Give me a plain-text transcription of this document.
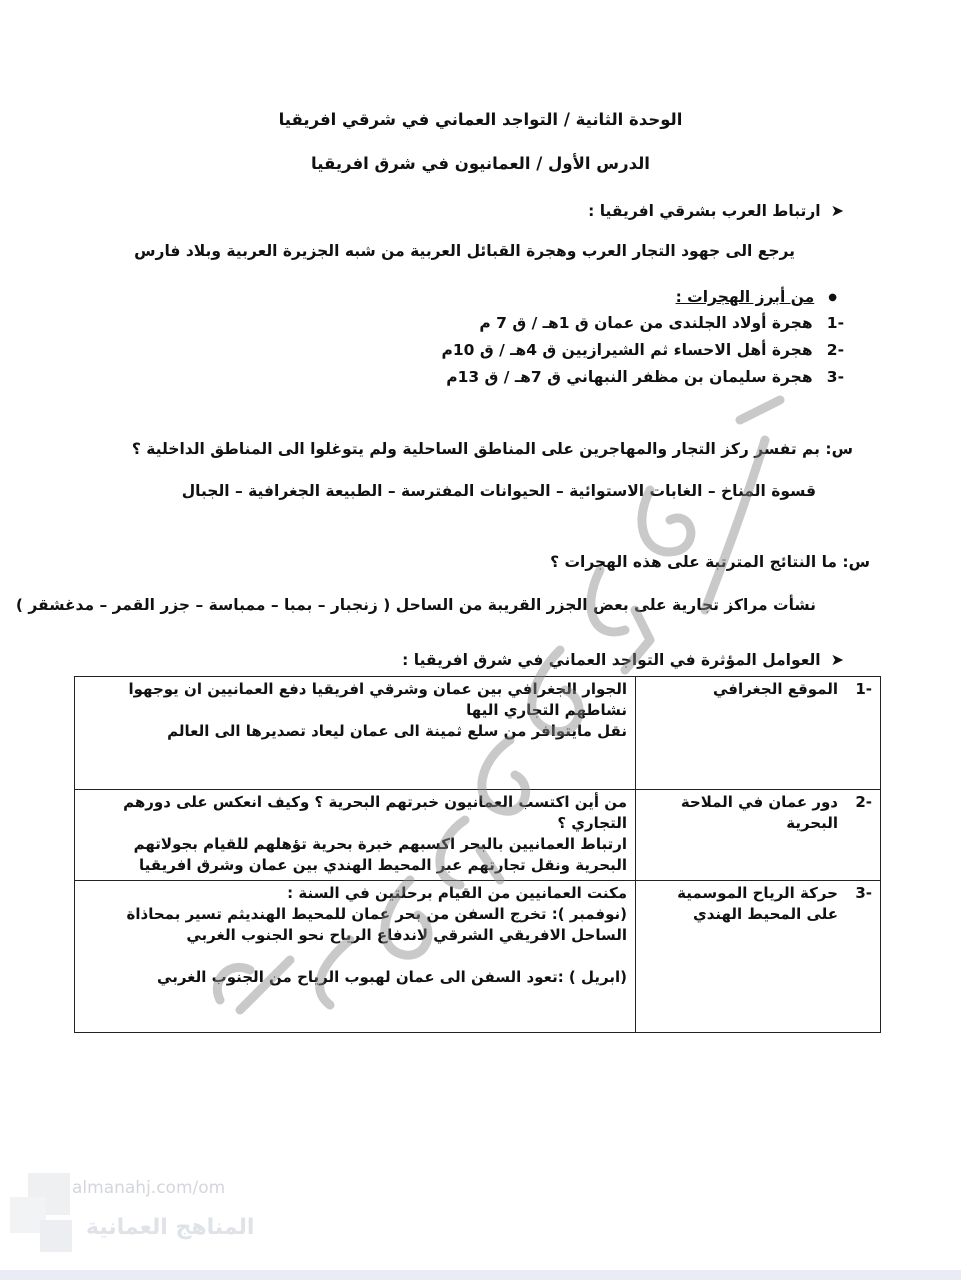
الوحدة الثانية / التواجد العماني في شرقي افريقيا
الدرس الأول / العمانيون في شرق افريقيا
➤ارتباط العرب بشرقي افريقيا :
يرجع الى جهود التجار العرب وهجرة القبائل العربية من شبه الجزيرة العربية وبلاد فارس
●من أبرز الهجرات :
-1 هجرة أولاد الجلندى من عمان ق 1هـ / ق 7 م
-2 هجرة أهل الاحساء ثم الشيرازيين ق 4هـ / ق 10م
-3 هجرة سليمان بن مظفر النبهاني ق 7هـ / ق 13م
س: بم تفسر ركز التجار والمهاجرين على المناطق الساحلية ولم يتوغلوا الى المناطق الداخلية ؟
قسوة المناخ – الغابات الاستوائية – الحيوانات المفترسة – الطبيعة الجغرافية – الجبال
س: ما النتائج المترتبة على هذه الهجرات ؟
نشأت مراكز تجارية على بعض الجزر القريبة من الساحل ( زنجبار – بمبا – ممباسة – جزر القمر – مدغشقر )
➤العوامل المؤثرة في التواجد العماني في شرق افريقيا :
-1الموقع الجغرافي	الجوار الجغرافي بين عمان وشرقي افريقيا دفع العمانيين ان يوجهوا نشاطهم التجاري اليها
نقل مايتوافر من سلع ثمينة الى عمان ليعاد تصديرها الى العالم

-2دور عمان في الملاحة البحرية	من أين اكتسب العمانيون خبرتهم البحرية ؟ وكيف انعكس على دورهم التجاري ؟
ارتباط العمانيين بالبحر اكسبهم خبرة بحرية تؤهلهم للقيام بجولاتهم البحرية ونقل تجارتهم عبر المحيط الهندي بين عمان وشرق افريقيا

-3حركة الرياح الموسمية على المحيط الهندي	مكنت العمانيين من القيام برحلتين في السنة :
(نوفمبر ): تخرج السفن من بحر عمان للمحيط الهنديثم تسير بمحاذاة الساحل الافريقي الشرقي لاندفاع الرياح نحو الجنوب الغربي
(ابريل ) :تعود السفن الى عمان لهبوب الرياح من الجنوب الغربي
almanahj.com/om
المناهج العمانية
